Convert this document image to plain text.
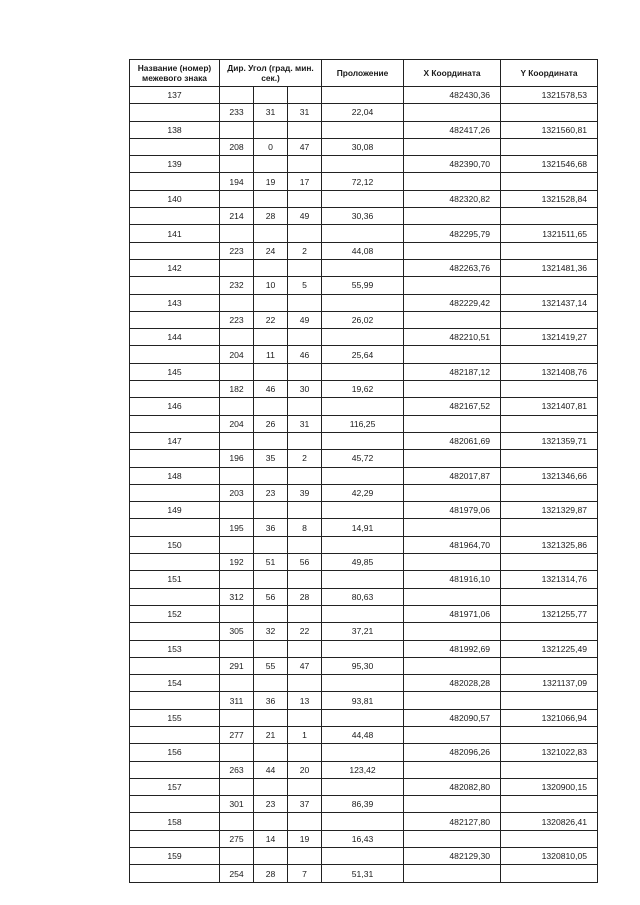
Название (номер) межевого знака	Дир. Угол (град. мин. сек.)			Проложение	X Координата	Y Координата
137					482430,36	1321578,53
	233	31	31	22,04		
138					482417,26	1321560,81
	208	0	47	30,08		
139					482390,70	1321546,68
	194	19	17	72,12		
140					482320,82	1321528,84
	214	28	49	30,36		
141					482295,79	1321511,65
	223	24	2	44,08		
142					482263,76	1321481,36
	232	10	5	55,99		
143					482229,42	1321437,14
	223	22	49	26,02		
144					482210,51	1321419,27
	204	11	46	25,64		
145					482187,12	1321408,76
	182	46	30	19,62		
146					482167,52	1321407,81
	204	26	31	116,25		
147					482061,69	1321359,71
	196	35	2	45,72		
148					482017,87	1321346,66
	203	23	39	42,29		
149					481979,06	1321329,87
	195	36	8	14,91		
150					481964,70	1321325,86
	192	51	56	49,85		
151					481916,10	1321314,76
	312	56	28	80,63		
152					481971,06	1321255,77
	305	32	22	37,21		
153					481992,69	1321225,49
	291	55	47	95,30		
154					482028,28	1321137,09
	311	36	13	93,81		
155					482090,57	1321066,94
	277	21	1	44,48		
156					482096,26	1321022,83
	263	44	20	123,42		
157					482082,80	1320900,15
	301	23	37	86,39		
158					482127,80	1320826,41
	275	14	19	16,43		
159					482129,30	1320810,05
	254	28	7	51,31		
